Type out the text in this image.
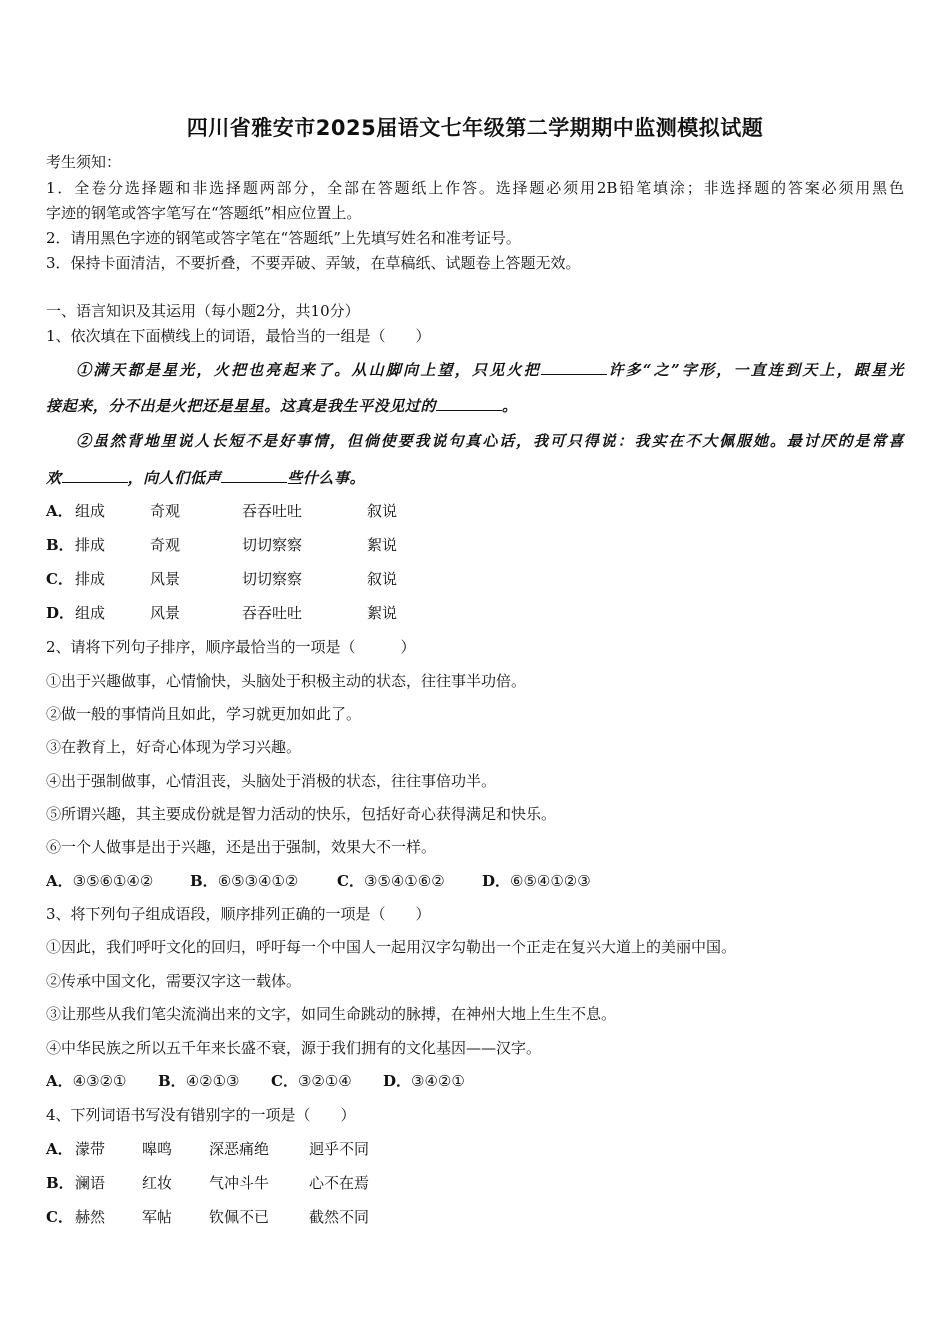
四川省雅安市2025届语文七年级第二学期期中监测模拟试题
考生须知：
1．全卷分选择题和非选择题两部分，全部在答题纸上作答。选择题必须用2B铅笔填涂；非选择题的答案必须用黑色
字迹的钢笔或答字笔写在“答题纸”相应位置上。
2．请用黑色字迹的钢笔或答字笔在“答题纸”上先填写姓名和准考证号。
3．保持卡面清洁，不要折叠，不要弄破、弄皱，在草稿纸、试题卷上答题无效。
一、语言知识及其运用（每小题2分，共10分）
1、依次填在下面横线上的词语，最恰当的一组是（　　）
①满天都是星光，火把也亮起来了。从山脚向上望，只见火把	许多“之”字形，一直连到天上，跟星光
接起来，分不出是火把还是星星。这真是我生平没见过的	。
②虽然背地里说人长短不是好事情，但倘使要我说句真心话，我可只得说：我实在不大佩服她。最讨厌的是常喜
欢	，向人们低声	些什么事。
A． 组成	奇观	吞吞吐吐	叙说
B． 排成	奇观	切切察察	絮说
C． 排成	风景	切切察察	叙说
D． 组成	风景	吞吞吐吐	絮说
2、请将下列句子排序，顺序最恰当的一项是（　　　）
①出于兴趣做事，心情愉快，头脑处于积极主动的状态，往往事半功倍。
②做一般的事情尚且如此，学习就更加如此了。
③在教育上，好奇心体现为学习兴趣。
④出于强制做事，心情沮丧，头脑处于消极的状态，往往事倍功半。
⑤所谓兴趣，其主要成份就是智力活动的快乐，包括好奇心获得满足和快乐。
⑥一个人做事是出于兴趣，还是出于强制，效果大不一样。
A．③⑤⑥①④② B．⑥⑤③④①②	C．③⑤④①⑥② D．⑥⑤④①②③
3、将下列句子组成语段，顺序排列正确的一项是（　　）
①因此，我们呼吁文化的回归，呼吁每一个中国人一起用汉字勾勒出一个正走在复兴大道上的美丽中国。
②传承中国文化，需要汉字这一载体。
③让那些从我们笔尖流淌出来的文字，如同生命跳动的脉搏，在神州大地上生生不息。
④中华民族之所以五千年来长盛不衰，源于我们拥有的文化基因——汉字。
A．④③②① B．④②①③ C．③②①④ D．③④②①
4、下列词语书写没有错别字的一项是（　　）
A． 濛带 嗥鸣 深恶痛绝	迥乎不同
B． 澜语 红妆 气冲斗牛	心不在焉
C． 赫然 军帖 钦佩不已	截然不同
